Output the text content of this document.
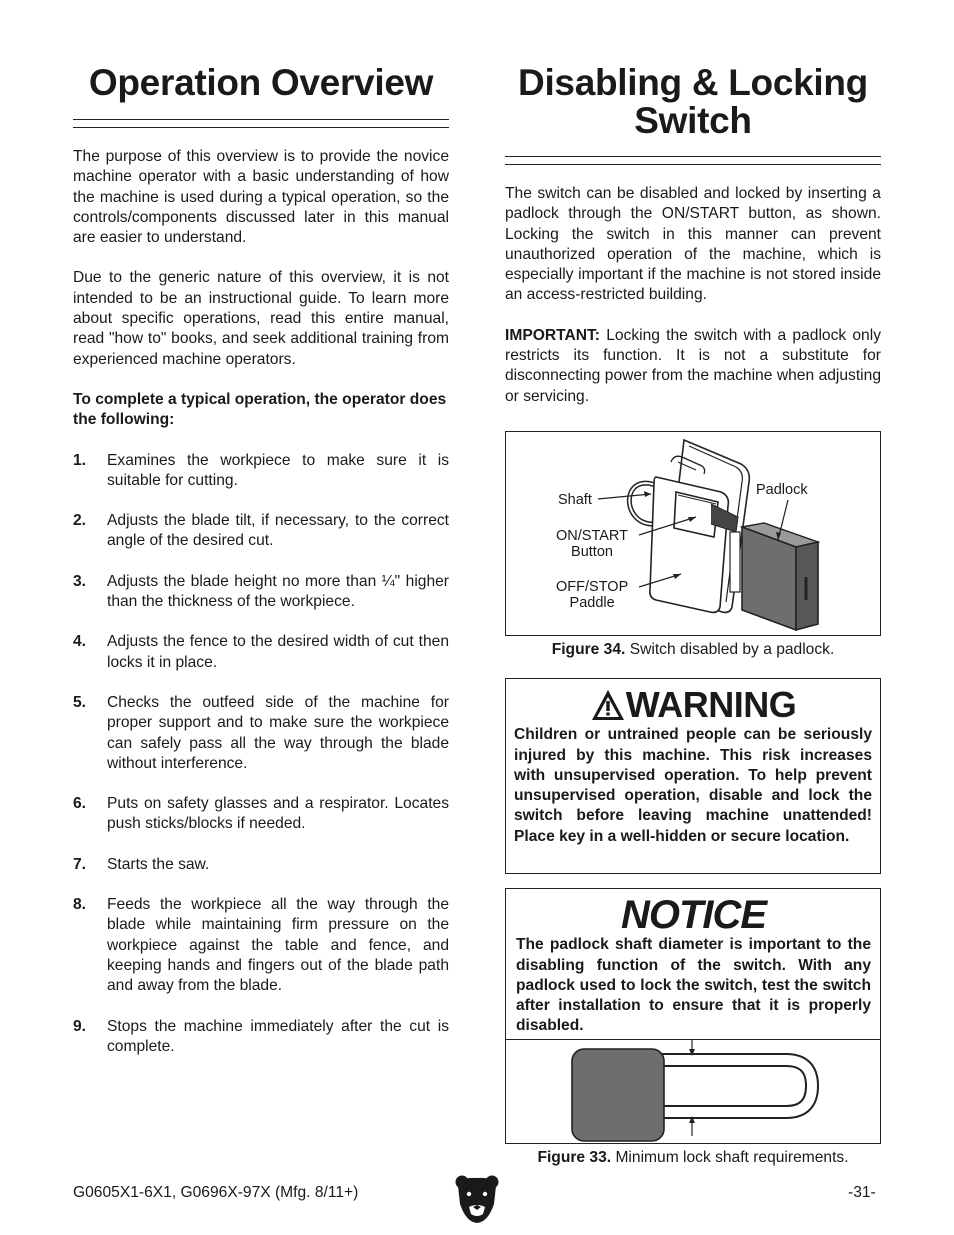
Operation Overview

The purpose of this overview is to provide the novice machine operator with a basic understanding of how the machine is used during a typical operation, so the controls/components discussed later in this manual are easier to understand.

Due to the generic nature of this overview, it is not intended to be an instructional guide. To learn more about specific operations, read this entire manual, read "how to" books, and seek additional training from experienced machine operators.

To complete a typical operation, the operator does the following:

1. Examines the workpiece to make sure it is suitable for cutting.
2. Adjusts the blade tilt, if necessary, to the correct angle of the desired cut.
3. Adjusts the blade height no more than ¼" higher than the thickness of the workpiece.
4. Adjusts the fence to the desired width of cut then locks it in place.
5. Checks the outfeed side of the machine for proper support and to make sure the workpiece can safely pass all the way through the blade without interference.
6. Puts on safety glasses and a respirator. Locates push sticks/blocks if needed.
7. Starts the saw.
8. Feeds the workpiece all the way through the blade while maintaining firm pressure on the workpiece against the table and fence, and keeping hands and fingers out of the blade path and away from the blade.
9. Stops the machine immediately after the cut is complete.
Disabling & Locking
Switch

The switch can be disabled and locked by inserting a padlock through the ON/START button, as shown. Locking the switch in this manner can prevent unauthorized operation of the machine, which is especially important if the machine is not stored inside an access-restricted building.

IMPORTANT: Locking the switch with a padlock only restricts its function. It is not a substitute for disconnecting power from the machine when adjusting or servicing.

Shaft
Padlock
ON/START
Button
OFF/STOP
Paddle

Figure 34. Switch disabled by a padlock.

WARNING

Children or untrained people can be seriously injured by this machine. This risk increases with unsupervised operation. To help prevent unsupervised operation, disable and lock the switch before leaving machine unattended! Place key in a well-hidden or secure location.

NOTICE

The padlock shaft diameter is important to the disabling function of the switch. With any padlock used to lock the switch, test the switch after installation to ensure that it is properly disabled.

Figure 33. Minimum lock shaft requirements.

G0605X1-6X1, G0696X-97X (Mfg. 8/11+)	-31-
